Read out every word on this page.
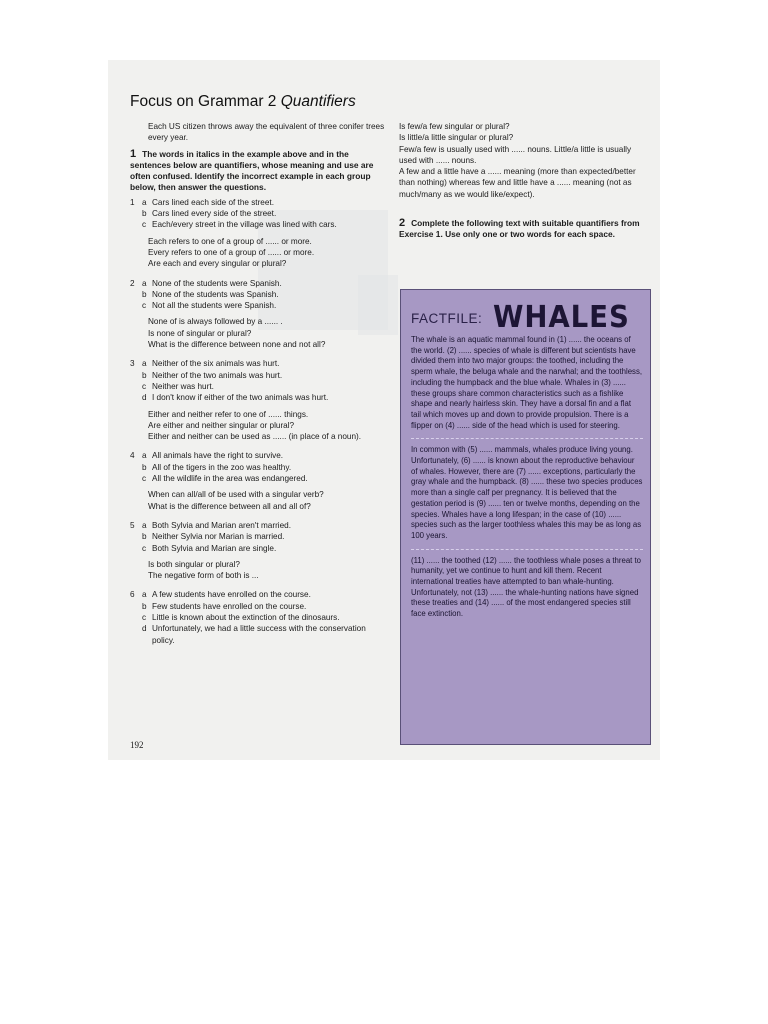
Focus on Grammar 2 Quantifiers

Each US citizen throws away the equivalent of three conifer trees every year.

1 The words in italics in the example above and in the sentences below are quantifiers, whose meaning and use are often confused. Identify the incorrect example in each group below, then answer the questions.

1 a Cars lined each side of the street.
b Cars lined every side of the street.
c Each/every street in the village was lined with cars.

Each refers to one of a group of ...... or more.

Every refers to one of a group of ...... or more.

Are each and every singular or plural?

2 a None of the students were Spanish.
b None of the students was Spanish.
c Not all the students were Spanish.

None of is always followed by a ...... .

Is none of singular or plural?

What is the difference between none and not all?

3 a Neither of the six animals was hurt.
b Neither of the two animals was hurt.
c Neither was hurt.
d I don't know if either of the two animals was hurt.

Either and neither refer to one of ...... things.

Are either and neither singular or plural?

Either and neither can be used as ...... (in place of a noun).

4 a All animals have the right to survive.
b All of the tigers in the zoo was healthy.
c All the wildlife in the area was endangered.

When can all/all of be used with a singular verb?

What is the difference between all and all of?

5 a Both Sylvia and Marian aren't married.
b Neither Sylvia nor Marian is married.
c Both Sylvia and Marian are single.

Is both singular or plural?

The negative form of both is ...

6 a A few students have enrolled on the course.
b Few students have enrolled on the course.
c Little is known about the extinction of the dinosaurs.
d Unfortunately, we had a little success with the conservation policy.

Is few/a few singular or plural?

Is little/a little singular or plural?

Few/a few is usually used with ...... nouns. Little/a little is usually used with ...... nouns.

A few and a little have a ...... meaning (more than expected/better than nothing) whereas few and little have a ...... meaning (not as much/many as we would like/expect).

2 Complete the following text with suitable quantifiers from Exercise 1. Use only one or two words for each space.

$^{FACTFILE:}$ WHALES

The whale is an aquatic mammal found in (1) ...... the oceans of the world. (2) ...... species of whale is different but scientists have divided them into two major groups: the toothed, including the sperm whale, the beluga whale and the narwhal; and the toothless, including the humpback and the blue whale. Whales in (3) ...... these groups share common characteristics such as a fishlike shape and nearly hairless skin. They have a dorsal fin and a flat tail which moves up and down to provide propulsion. There is a flipper on (4) ...... side of the head which is used for steering.

In common with (5) ...... mammals, whales produce living young. Unfortunately, (6) ...... is known about the reproductive behaviour of whales. However, there are (7) ...... exceptions, particularly the gray whale and the humpback. (8) ...... these two species produces more than a single calf per pregnancy. It is believed that the gestation period is (9) ...... ten or twelve months, depending on the species. Whales have a long lifespan; in the case of (10) ...... species such as the larger toothless whales this may be as long as 100 years.

(11) ...... the toothed (12) ...... the toothless whale poses a threat to humanity, yet we continue to hunt and kill them. Recent international treaties have attempted to ban whale-hunting. Unfortunately, not (13) ...... the whale-hunting nations have signed these treaties and (14) ...... of the most endangered species still face extinction.

192
